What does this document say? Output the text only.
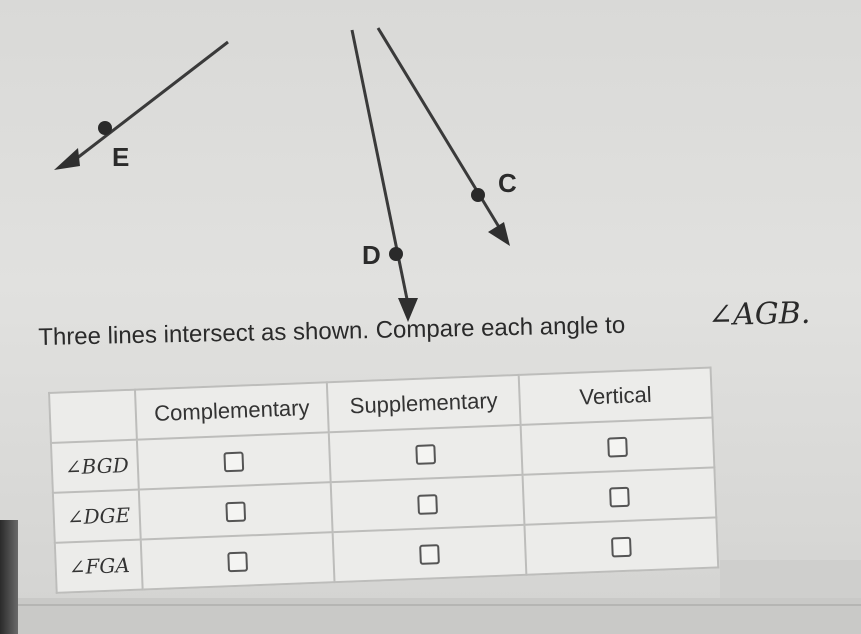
E
C
D
Three lines intersect as shown. Compare each angle to	∠AGB.
	Complementary	Supplementary	Vertical
∠BGD			
∠DGE			
∠FGA			
